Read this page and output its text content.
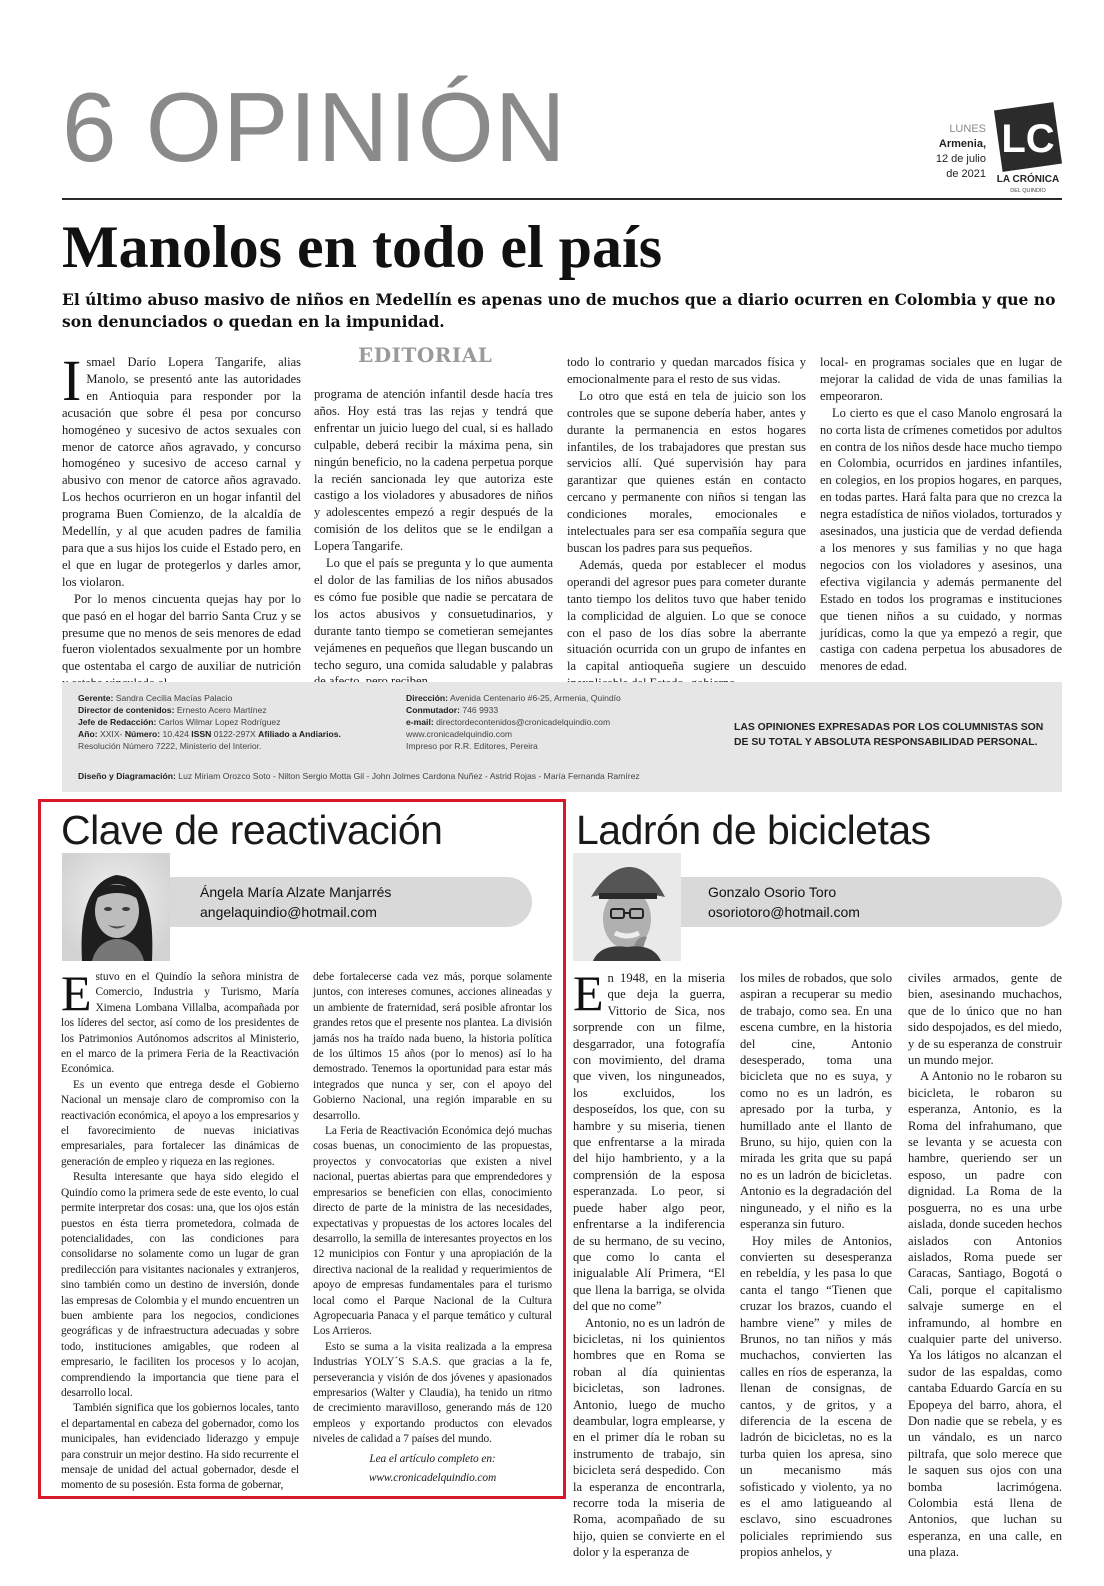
6 OPINIÓN	LUNES
Armenia,
12 de julio
de 2021
LC
LA CRÓNICA
DEL QUINDÍO
Manolos en todo el país
El último abuso masivo de niños en Medellín es apenas uno de muchos que a diario ocurren en Colombia y que no son denunciados o quedan en la impunidad.

Ismael Darío Lopera Tangarife, alias Manolo, se presentó ante las autoridades en Antioquia para responder por la acusación que sobre él pesa por concurso homogéneo y sucesivo de actos sexuales con menor de catorce años agravado, y concurso homogéneo y sucesivo de acceso carnal y abusivo con menor de catorce años agravado. Los hechos ocurrieron en un hogar infantil del programa Buen Comienzo, de la alcaldía de Medellín, y al que acuden padres de familia para que a sus hijos los cuide el Estado pero, en el que en lugar de protegerlos y darles amor, los violaron.

Por lo menos cincuenta quejas hay por lo que pasó en el hogar del barrio Santa Cruz y se presume que no menos de seis menores de edad fueron violentados sexualmente por un hombre que ostentaba el cargo de auxiliar de nutrición

EDITORIAL

programa de atención infantil desde hacía tres años. Hoy está tras las rejas y tendrá que enfrentar un juicio luego del cual, si es hallado culpable, deberá recibir la máxima pena, sin ningún beneficio, no la cadena perpetua porque la recién sancionada ley que autoriza este castigo a los violadores y abusadores de niños y adolescentes empezó a regir después de la comisión de los delitos que se le endilgan a Lopera Tangarife.

Lo que el país se pregunta y lo que aumenta el dolor de las familias de los niños abusados es cómo fue posible que nadie se percatara de los actos abusivos y consuetudinarios, y durante tanto tiempo se cometieran semejantes vejámenes en pequeños que llegan buscando un techo seguro, una comida saludable y palabras

todo lo contrario y quedan marcados física y emocionalmente para el resto de sus vidas.

Lo otro que está en tela de juicio son los controles que se supone debería haber, antes y durante la permanencia en estos hogares infantiles, de los trabajadores que prestan sus servicios allí. Qué supervisión hay para garantizar que quienes están en contacto cercano y permanente con niños si tengan las condiciones morales, emocionales e intelectuales para ser esa compañía segura que buscan los padres para sus pequeños.

Además, queda por establecer el modus operandi del agresor pues para cometer durante tanto tiempo los delitos tuvo que haber tenido la complicidad de alguien. Lo que se conoce con el paso de los días sobre la aberrante situación ocurrida con un grupo de infantes en la capital antioqueña sugiere un descuido

local- en programas sociales que en lugar de mejorar la calidad de vida de unas familias la empeoraron.

Lo cierto es que el caso Manolo engrosará la no corta lista de crímenes cometidos por adultos en contra de los niños desde hace mucho tiempo en Colombia, ocurridos en jardines infantiles, en colegios, en los propios hogares, en parques, en todas partes. Hará falta para que no crezca la negra estadística de niños violados, torturados y asesinados, una justicia que de verdad defienda a los menores y sus familias y no que haga negocios con los violadores y asesinos, una efectiva vigilancia y además permanente del Estado en todos los programas e instituciones que tienen niños a su cuidado, y normas jurídicas, como la que ya empezó a regir, que castiga con cadena perpetua los abusadores de menores de edad.

Gerente: Sandra Cecilia Macías Palacio
Director de contenidos: Ernesto Acero Martínez
Jefe de Redacción: Carlos Wilmar Lopez Rodríguez
Año: XXIX- Número: 10.424 ISSN 0122-297X Afiliado a Andiarios.
Resolución Número 7222, Ministerio del Interior.
Dirección: Avenida Centenario #6-25, Armenia, Quindío
Conmutador: 746 9933
e-mail: directordecontenidos@cronicadelquindio.com
www.cronicadelquindio.com
Impreso por R.R. Editores, Pereira
LAS OPINIONES EXPRESADAS POR LOS COLUMNISTAS SON DE SU TOTAL Y ABSOLUTA RESPONSABILIDAD PERSONAL.
Diseño y Diagramación: Luz Miriam Orozco Soto - Nilton Sergio Motta Gil - John Jolmes Cardona Nuñez - Astrid Rojas - María Fernanda Ramírez
Clave de reactivación
Ángela María Alzate Manjarrés
angelaquindio@hotmail.com

Estuvo en el Quindío la señora ministra de Comercio, Industria y Turismo, María Ximena Lombana Villalba, acompañada por los líderes del sector, así como de los presidentes de los Patrimonios Autónomos adscritos al Ministerio, en el marco de la primera Feria de la Reactivación Económica.

Es un evento que entrega desde el Gobierno Nacional un mensaje claro de compromiso con la reactivación económica, el apoyo a los empresarios y el favorecimiento de nuevas iniciativas empresariales, para fortalecer las dinámicas de generación de empleo y riqueza en las regiones.

Resulta interesante que haya sido elegido el Quindío como la primera sede de este evento, lo cual permite interpretar dos cosas: una, que los ojos están puestos en ésta tierra prometedora, colmada de potencialidades, con las condiciones para consolidarse no solamente como un lugar de gran predilección para visitantes nacionales y extranjeros, sino también como un destino de inversión, donde las empresas de Colombia y el mundo encuentren un buen ambiente para los negocios, condiciones geográficas y de infraestructura adecuadas y sobre todo, instituciones amigables, que rodeen al empresario, le faciliten los procesos y lo acojan, comprendiendo la importancia que tiene para el desarrollo local.

También significa que los gobiernos locales, tanto el departamental en cabeza del gobernador, como los municipales, han evidenciado liderazgo y empuje para construir un mejor destino. Ha sido recurrente el mensaje de unidad del actual gobernador, desde el momento de su posesión. Esta forma de gobernar,

debe fortalecerse cada vez más, porque solamente juntos, con intereses comunes, acciones alineadas y un ambiente de fraternidad, será posible afrontar los grandes retos que el presente nos plantea. La división jamás nos ha traído nada bueno, la historia política de los últimos 15 años (por lo menos) así lo ha demostrado. Tenemos la oportunidad para estar más integrados que nunca y ser, con el apoyo del Gobierno Nacional, una región imparable en su desarrollo.

La Feria de Reactivación Económica dejó muchas cosas buenas, un conocimiento de las propuestas, proyectos y convocatorias que existen a nivel nacional, puertas abiertas para que emprendedores y empresarios se beneficien con ellas, conocimiento directo de parte de la ministra de las necesidades, expectativas y propuestas de los actores locales del desarrollo, la semilla de interesantes proyectos en los 12 municipios con Fontur y una apropiación de la directiva nacional de la realidad y requerimientos de apoyo de empresas fundamentales para el turismo local como el Parque Nacional de la Cultura Agropecuaria Panaca y el parque temático y cultural Los Arrieros.

Esto se suma a la visita realizada a la empresa Industrias YOLY´S S.A.S. que gracias a la fe, perseverancia y visión de dos jóvenes y apasionados empresarios (Walter y Claudia), ha tenido un ritmo de crecimiento maravilloso, generando más de 120 empleos y exportando productos con elevados niveles de calidad a 7 países del mundo.

Lea el artículo completo en:

www.cronicadelquindio.com

Ladrón de bicicletas
Gonzalo Osorio Toro
osoriotoro@hotmail.com

En 1948, en la miseria que deja la guerra, Vittorio de Sica, nos sorprende con un filme, desgarrador, una fotografía con movimiento, del drama que viven, los ninguneados, los excluidos, los desposeídos, los que, con su hambre y su miseria, tienen que enfrentarse a la mirada del hijo hambriento, y a la comprensión de la esposa esperanzada. Lo peor, si puede haber algo peor, enfrentarse a la indiferencia de su hermano, de su vecino, que como lo canta el inigualable Alí Primera, “El que llena la barriga, se olvida del que no come”

Antonio, no es un ladrón de bicicletas, ni los quinientos hombres que en Roma se roban al día quinientas bicicletas, son ladrones. Antonio, luego de mucho deambular, logra emplearse, y en el primer día le roban su instrumento de trabajo, sin bicicleta será despedido. Con la esperanza de encontrarla, recorre toda la miseria de Roma, acompañado de su hijo, quien se convierte en el dolor y la esperanza de

los miles de robados, que solo aspiran a recuperar su medio de trabajo, como sea. En una escena cumbre, en la historia del cine, Antonio desesperado, toma una bicicleta que no es suya, y como no es un ladrón, es apresado por la turba, y humillado ante el llanto de Bruno, su hijo, quien con la mirada les grita que su papá no es un ladrón de bicicletas. Antonio es la degradación del ninguneado, y el niño es la esperanza sin futuro.

Hoy miles de Antonios, convierten su desesperanza en rebeldía, y les pasa lo que canta el tango “Tienen que cruzar los brazos, cuando el hambre viene” y miles de Brunos, no tan niños y más muchachos, convierten las calles en ríos de esperanza, la llenan de consignas, de cantos, y de gritos, y a diferencia de la escena de ladrón de bicicletas, no es la turba quien los apresa, sino un mecanismo más sofisticado y violento, ya no es el amo latigueando al esclavo, sino escuadrones policiales reprimiendo sus propios anhelos, y

civiles armados, gente de bien, asesinando muchachos, que de lo único que no han sido despojados, es del miedo, y de su esperanza de construir un mundo mejor.

A Antonio no le robaron su bicicleta, le robaron su esperanza, Antonio, es la Roma del infrahumano, que se levanta y se acuesta con hambre, queriendo ser un esposo, un padre con dignidad. La Roma de la posguerra, no es una urbe aislada, donde suceden hechos aislados con Antonios aislados, Roma puede ser Caracas, Santiago, Bogotá o Cali, porque el capitalismo salvaje sumerge en el inframundo, al hombre en cualquier parte del universo. Ya los látigos no alcanzan el sudor de las espaldas, como cantaba Eduardo García en su Epopeya del barro, ahora, el Don nadie que se rebela, y es un vándalo, es un narco piltrafa, que solo merece que le saquen sus ojos con una bomba lacrimógena. Colombia está llena de Antonios, que luchan su esperanza, en una calle, en una plaza.
